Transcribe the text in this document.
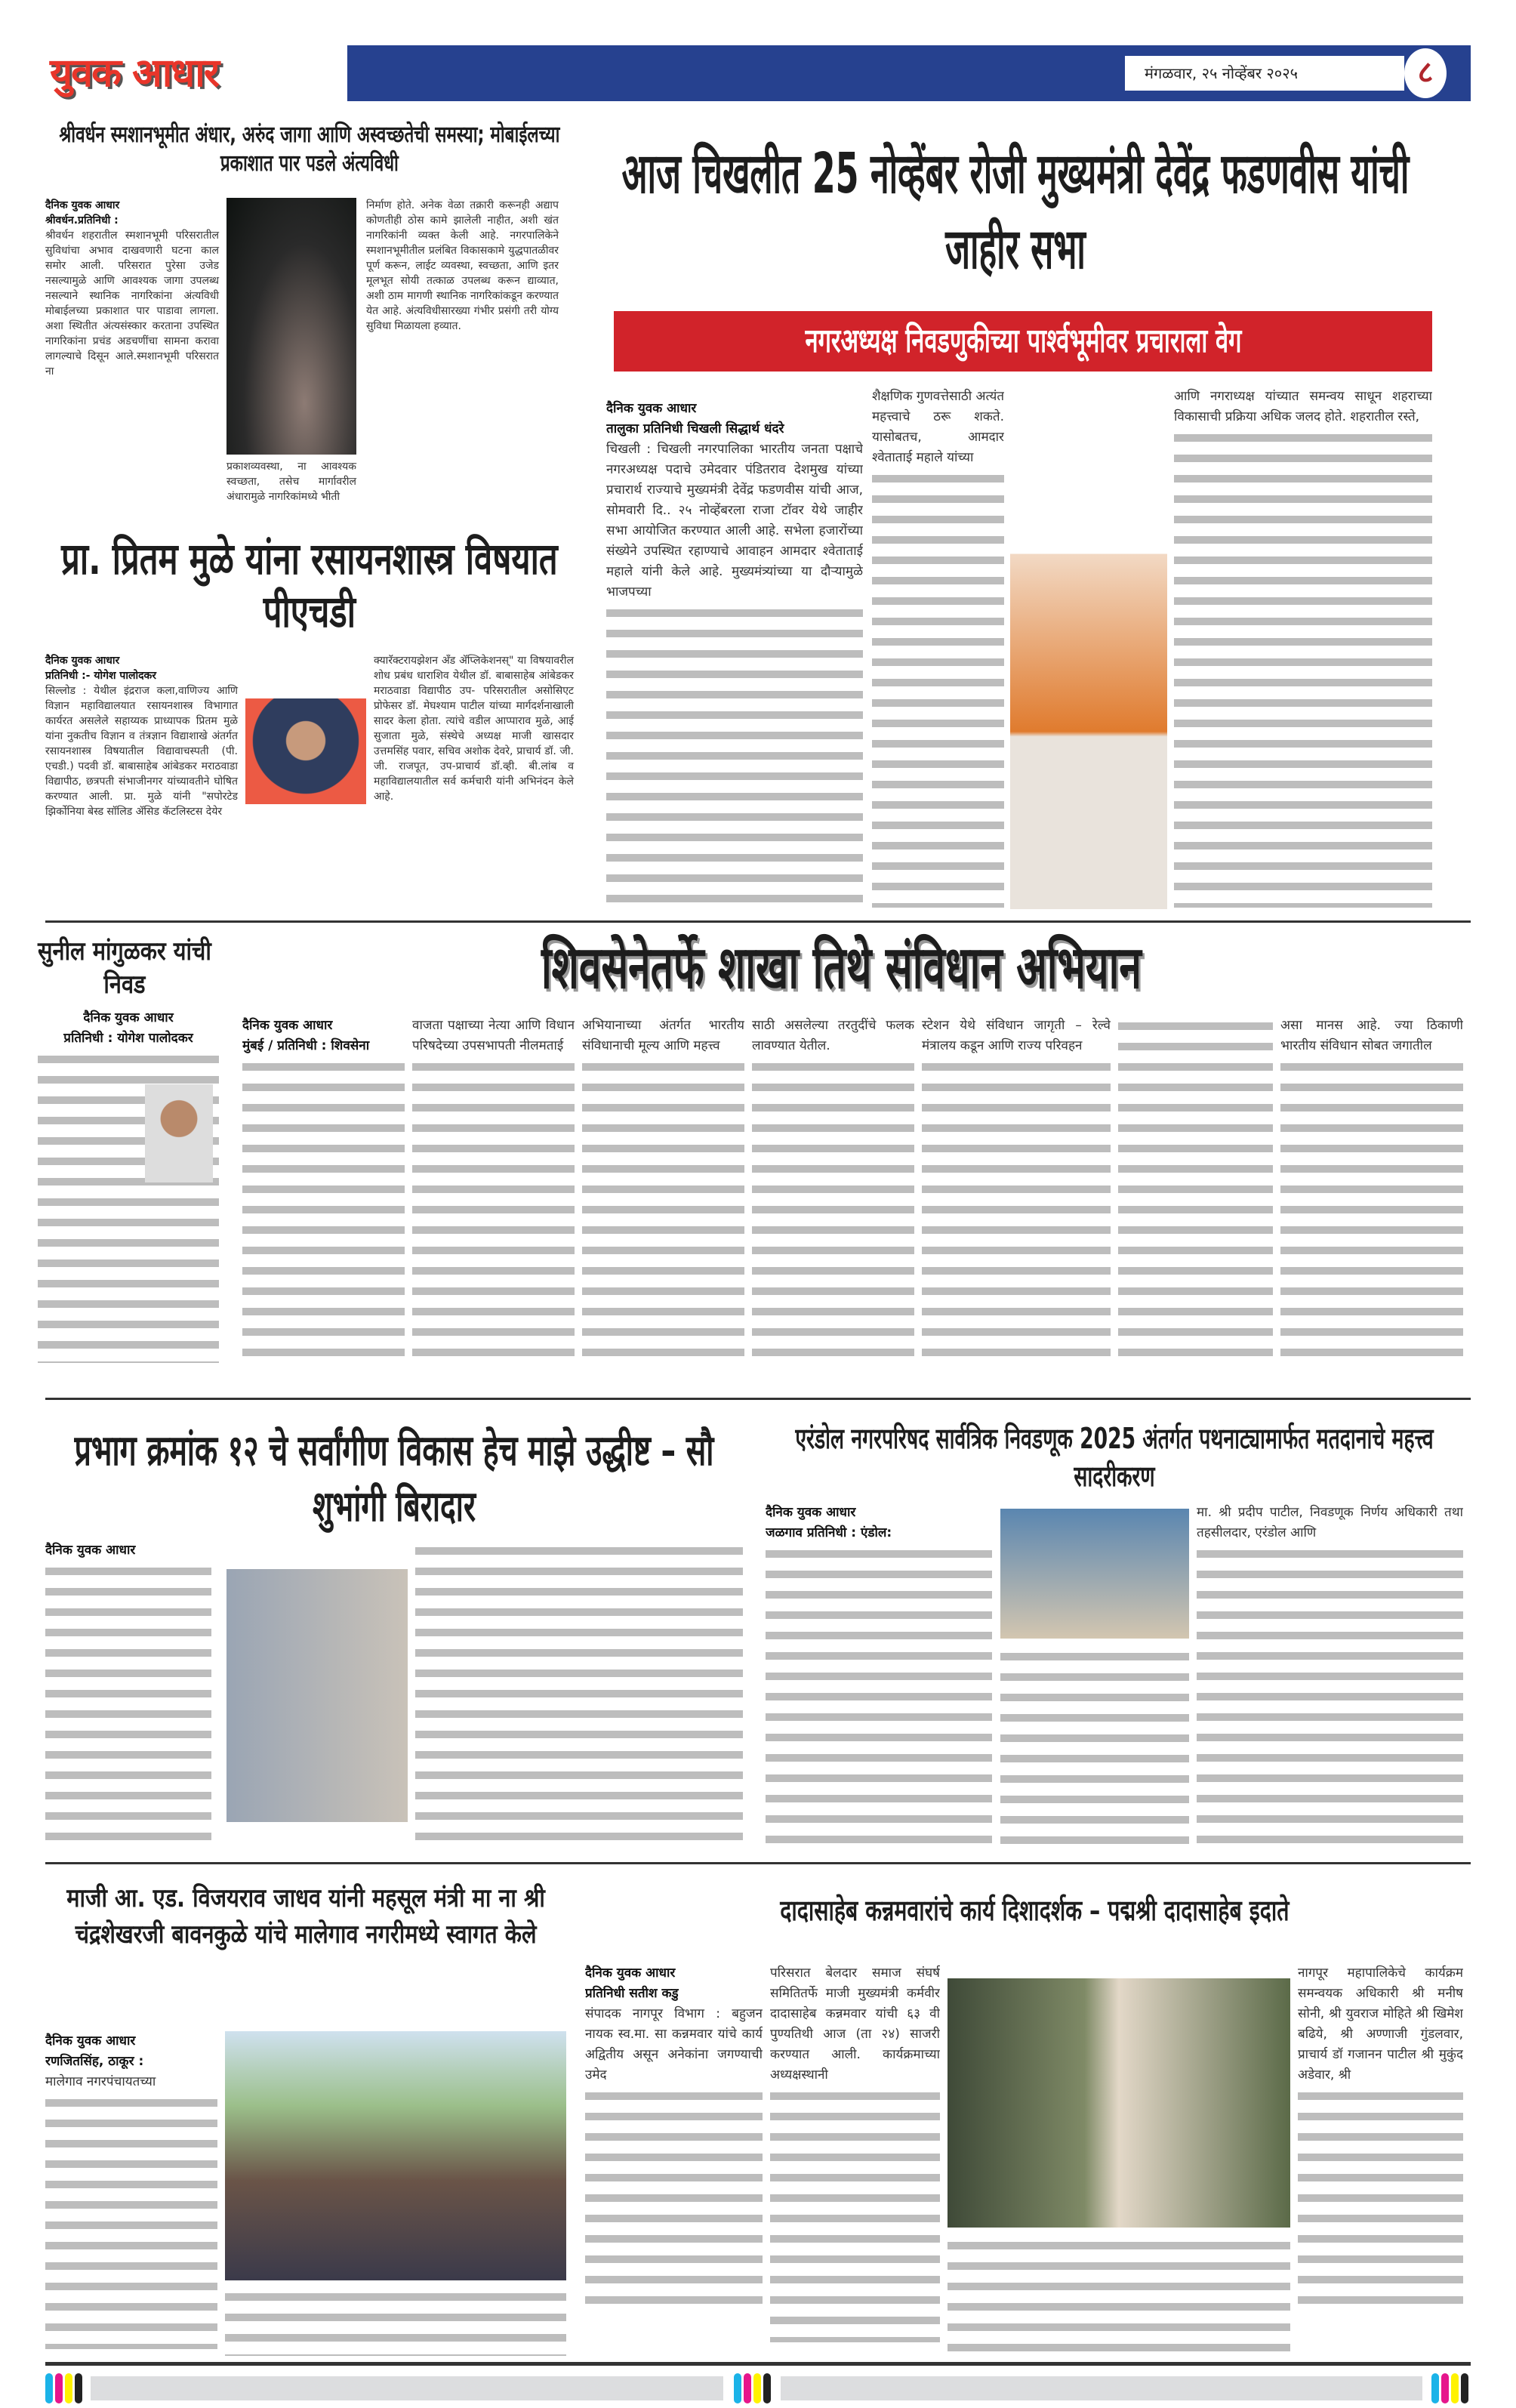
युवक आधार	मंगळवार, २५ नोव्हेंबर २०२५	८
श्रीवर्धन स्मशानभूमीत अंधार, अरुंद जागा आणि अस्वच्छतेची समस्या; मोबाईलच्या प्रकाशात पार पडले अंत्यविधी
दैनिक युवक आधार
श्रीवर्धन.प्रतिनिधी :
श्रीवर्धन शहरातील स्मशानभूमी परिसरातील सुविधांचा अभाव दाखवणारी घटना काल समोर आली. परिसरात पुरेसा उजेड नसल्यामुळे आणि आवश्यक जागा उपलब्ध नसल्याने स्थानिक नागरिकांना अंत्यविधी मोबाईलच्या प्रकाशात पार पाडावा लागला. अशा स्थितीत अंत्यसंस्कार करताना उपस्थित नागरिकांना प्रचंड अडचणींचा सामना करावा लागल्याचे दिसून आले.स्मशानभूमी परिसरात ना
प्रकाशव्यवस्था, ना आवश्यक स्वच्छता, तसेच मार्गावरील अंधारामुळे नागरिकांमध्ये भीती
निर्माण होते. अनेक वेळा तक्रारी करूनही अद्याप कोणतीही ठोस कामे झालेली नाहीत, अशी खंत नागरिकांनी व्यक्त केली आहे. नगरपालिकेने स्मशानभूमीतील प्रलंबित विकासकामे युद्धपातळीवर पूर्ण करून, लाईट व्यवस्था, स्वच्छता, आणि इतर मूलभूत सोयी तत्काळ उपलब्ध करून द्याव्यात, अशी ठाम मागणी स्थानिक नागरिकांकडून करण्यात येत आहे. अंत्यविधीसारख्या गंभीर प्रसंगी तरी योग्य सुविधा मिळायला हव्यात.
आज चिखलीत 25 नोव्हेंबर रोजी मुख्यमंत्री देवेंद्र फडणवीस यांची जाहीर सभा
नगरअध्यक्ष निवडणुकीच्या पार्श्वभूमीवर प्रचाराला वेग
दैनिक युवक आधार
तालुका प्रतिनिधी चिखली सिद्धार्थ धंदरे
चिखली : चिखली नगरपालिका भारतीय जनता पक्षाचे नगरअध्यक्ष पदाचे उमेदवार पंडितराव देशमुख यांच्या प्रचारार्थ राज्याचे मुख्यमंत्री देवेंद्र फडणवीस यांची आज, सोमवारी दि.. २५ नोव्हेंबरला राजा टॉवर येथे जाहीर सभा आयोजित करण्यात आली आहे. सभेला हजारोंच्या संख्येने उपस्थित रहाण्याचे आवाहन आमदार श्वेताताई महाले यांनी केले आहे. मुख्यमंत्र्यांच्या या दौऱ्यामुळे भाजपच्या
शैक्षणिक गुणवत्तेसाठी अत्यंत महत्त्वाचे ठरू शकते. यासोबतच, आमदार श्वेताताई महाले यांच्या
आणि नगराध्यक्ष यांच्यात समन्वय साधून शहराच्या विकासाची प्रक्रिया अधिक जलद होते. शहरातील रस्ते,
प्रा. प्रितम मुळे यांना रसायनशास्त्र विषयात पीएचडी
दैनिक युवक आधार
प्रतिनिधी :- योगेश पालोदकर
सिल्लोड : येथील इंद्रराज कला,वाणिज्य आणि विज्ञान महाविद्यालयात रसायनशास्त्र विभागात कार्यरत असलेले सहाय्यक प्राध्यापक प्रितम मुळे यांना नुकतीच विज्ञान व तंत्रज्ञान विद्याशाखे अंतर्गत रसायनशास्त्र विषयातील विद्यावाचस्पती (पी. एचडी.) पदवी डॉ. बाबासाहेब आंबेडकर मराठवाडा विद्यापीठ, छत्रपती संभाजीनगर यांच्यावतीने घोषित करण्यात आली. प्रा. मुळे यांनी "सपोरटेड झिर्कोनिया बेस्ड सॉलिड ॲसिड कॅटलिस्टस देयेर
क्यारॅक्टरायझेशन अँड ॲप्लिकेशनस्" या विषयावरील शोध प्रबंध धाराशिव येथील डॉ. बाबासाहेब आंबेडकर मराठवाडा विद्यापीठ उप- परिसरातील असोसिएट प्रोफेसर डॉ. मेघश्याम पाटील यांच्या मार्गदर्शनाखाली सादर केला होता. त्यांचे वडील आप्पाराव मुळे, आई सुजाता मुळे, संस्थेचे अध्यक्ष माजी खासदार उत्तमसिंह पवार, सचिव अशोक देवरे, प्राचार्य डॉ. जी. जी. राजपूत, उप-प्राचार्य डॉ.व्ही. बी.लांब व महाविद्यालयातील सर्व कर्मचारी यांनी अभिनंदन केले आहे.
सुनील मांगुळकर यांची निवड
दैनिक युवक आधार
प्रतिनिधी : योगेश पालोदकर
शिवसेनेतर्फे शाखा तिथे संविधान अभियान
दैनिक युवक आधार
मुंबई / प्रतिनिधी : शिवसेना
वाजता पक्षाच्या नेत्या आणि विधान परिषदेच्या उपसभापती नीलमताई
अभियानाच्या अंतर्गत भारतीय संविधानाची मूल्य आणि महत्त्व
साठी असलेल्या तरतुदींचे फलक लावण्यात येतील.
स्टेशन येथे संविधान जागृती – रेल्वे मंत्रालय कडून आणि राज्य परिवहन
असा मानस आहे. ज्या ठिकाणी भारतीय संविधान सोबत जगातील
प्रभाग क्रमांक १२ चे सर्वांगीण विकास हेच माझे उद्धीष्ट – सौ शुभांगी बिरादार
दैनिक युवक आधार
एरंडोल नगरपरिषद सार्वत्रिक निवडणूक 2025 अंतर्गत पथनाट्यामार्फत मतदानाचे महत्त्व सादरीकरण
दैनिक युवक आधार
जळगाव प्रतिनिधी : एंडोल:
मा. श्री प्रदीप पाटील, निवडणूक निर्णय अधिकारी तथा तहसीलदार, एरंडोल आणि
माजी आ. एड. विजयराव जाधव यांनी महसूल मंत्री मा ना श्री चंद्रशेखरजी बावनकुळे यांचे मालेगाव नगरीमध्ये स्वागत केले
दैनिक युवक आधार
रणजितसिंह, ठाकूर :
मालेगाव नगरपंचायतच्या
दादासाहेब कन्नमवारांचे कार्य दिशादर्शक – पद्मश्री दादासाहेब इदाते
दैनिक युवक आधार
प्रतिनिधी सतीश कडु
संपादक नागपूर विभाग : बहुजन नायक स्व.मा. सा कन्नमवार यांचे कार्य अद्वितीय असून अनेकांना जगण्याची उमेद
परिसरात बेलदार समाज संघर्ष समितितर्फे माजी मुख्यमंत्री कर्मवीर दादासाहेब कन्नमवार यांची ६३ वी पुण्यतिथी आज (ता २४) साजरी करण्यात आली. कार्यक्रमाच्या अध्यक्षस्थानी
नागपूर महापालिकेचे कार्यक्रम समन्वयक अधिकारी श्री मनीष सोनी, श्री युवराज मोहिते श्री खिमेश बढिये, श्री अण्णाजी गुंडलवार, प्राचार्य डॉ गजानन पाटील श्री मुकुंद अडेवार, श्री
